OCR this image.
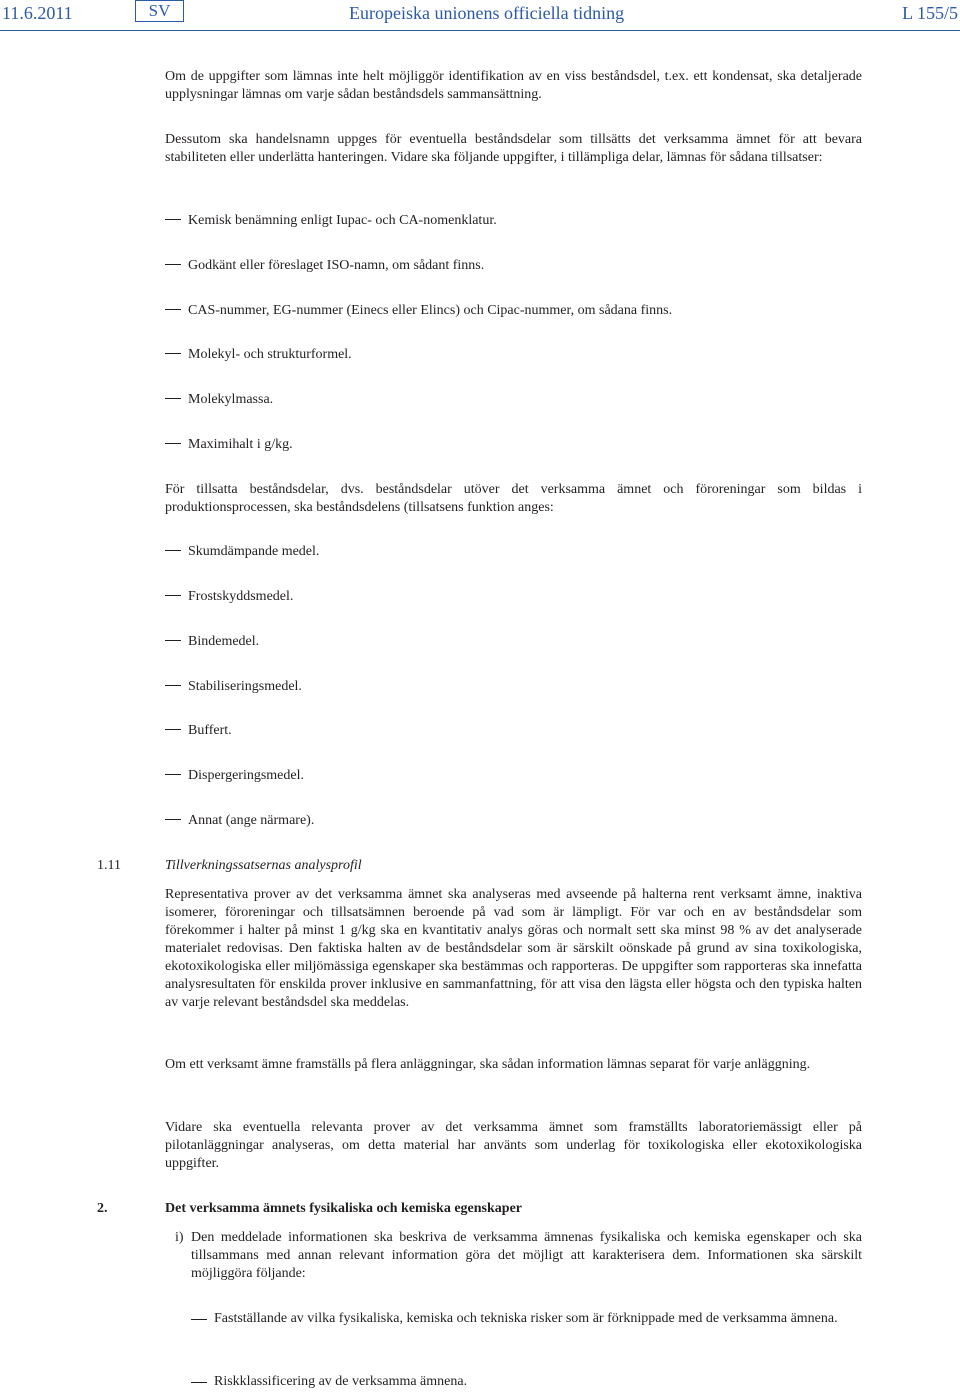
11.6.2011	SV	Europeiska unionens officiella tidning	L 155/5

Om de uppgifter som lämnas inte helt möjliggör identifikation av en viss beståndsdel, t.ex. ett kondensat, ska detaljerade upplysningar lämnas om varje sådan beståndsdels sammansättning.

Dessutom ska handelsnamn uppges för eventuella beståndsdelar som tillsätts det verksamma ämnet för att bevara stabiliteten eller underlätta hanteringen. Vidare ska följande uppgifter, i tillämpliga delar, lämnas för sådana tillsatser:

Kemisk benämning enligt Iupac- och CA-nomenklatur.

Godkänt eller föreslaget ISO-namn, om sådant finns.

CAS-nummer, EG-nummer (Einecs eller Elincs) och Cipac-nummer, om sådana finns.

Molekyl- och strukturformel.

Molekylmassa.

Maximihalt i g/kg.

För tillsatta beståndsdelar, dvs. beståndsdelar utöver det verksamma ämnet och föroreningar som bildas i produktionsprocessen, ska beståndsdelens (tillsatsens funktion anges:

Skumdämpande medel.

Frostskyddsmedel.

Bindemedel.

Stabiliseringsmedel.

Buffert.

Dispergeringsmedel.

Annat (ange närmare).

1.11	Tillverkningssatsernas analysprofil

Representativa prover av det verksamma ämnet ska analyseras med avseende på halterna rent verksamt ämne, inaktiva isomerer, föroreningar och tillsatsämnen beroende på vad som är lämpligt. För var och en av beståndsdelar som förekommer i halter på minst 1 g/kg ska en kvantitativ analys göras och normalt sett ska minst 98 % av det analyserade materialet redovisas. Den faktiska halten av de beståndsdelar som är särskilt oönskade på grund av sina toxikologiska, ekotoxikologiska eller miljömässiga egenskaper ska bestämmas och rapporteras. De uppgifter som rapporteras ska innefatta analysresultaten för enskilda prover inklusive en sammanfattning, för att visa den lägsta eller högsta och den typiska halten av varje relevant beståndsdel ska meddelas.

Om ett verksamt ämne framställs på flera anläggningar, ska sådan information lämnas separat för varje anläggning.

Vidare ska eventuella relevanta prover av det verksamma ämnet som framställts laboratoriemässigt eller på pilotanläggningar analyseras, om detta material har använts som underlag för toxikologiska eller ekotoxikologiska uppgifter.

2.	Det verksamma ämnets fysikaliska och kemiska egenskaper

i) Den meddelade informationen ska beskriva de verksamma ämnenas fysikaliska och kemiska egenskaper och ska tillsammans med annan relevant information göra det möjligt att karakterisera dem. Informationen ska särskilt möjliggöra följande:

Fastställande av vilka fysikaliska, kemiska och tekniska risker som är förknippade med de verksamma ämnena.

Riskklassificering av de verksamma ämnena.
